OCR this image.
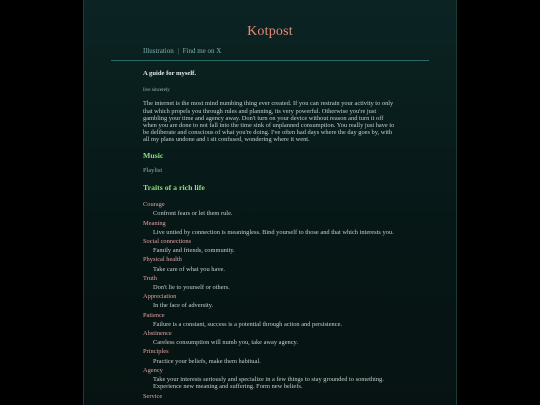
Kotpost
Illustration | Find me on X
A guide for myself.
live sincerely
The internet is the most mind numbing thing ever created. If you can restrain your activity to only that which propels you through rules and planning, its very powerful. Otherwise you're just gambling your time and agency away. Don't turn on your device without reason and turn it off when you are done to not fall into the time sink of unplanned consumption. You really just have to be deliberate and conscious of what you're doing. I've often had days where the day goes by, with all my plans undone and i sit confused, wondering where it went.
Music
Playlist
Traits of a rich life
Courage
Confront fears or let them rule.
Meaning
Live untied by connection is meaningless. Bind yourself to those and that which interests you.
Social connections
Family and friends, community.
Physical health
Take care of what you have.
Truth
Don't lie to yourself or others.
Appreciation
In the face of adversity.
Patience
Failure is a constant, success is a potential through action and persistence.
Abstinence
Careless consumption will numb you, take away agency.
Principles
Practice your beliefs, make them habitual.
Agency
Take your interests seriously and specialize in a few things to stay grounded to something. Experience new meaning and suffering. Form new beliefs.
Service
